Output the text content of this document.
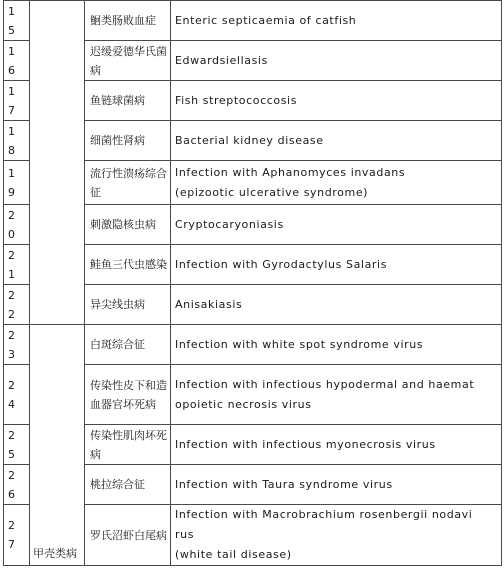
1
5		鮰类肠败血症	Enteric septicaemia of catfish

1
6		迟缓爱德华氏菌病	Edwardsiellasis

1
7		鱼链球菌病	Fish streptococcosis

1
8		细菌性肾病	Bacterial kidney disease

1
9		流行性溃疡综合征	Infection with Aphanomyces invadans
(epizootic ulcerative syndrome)

2
0		刺激隐核虫病	Cryptocaryoniasis

2
1		鲑鱼三代虫感染	Infection with Gyrodactylus Salaris

2
2		异尖线虫病	Anisakiasis

2
3	甲壳类病	白斑综合征	Infection with white spot syndrome virus

2
4		传染性皮下和造血器官坏死病	Infection with infectious hypodermal and haemat
opoietic necrosis virus

2
5		传染性肌肉坏死病	Infection with infectious myonecrosis virus

2
6		桃拉综合征	Infection with Taura syndrome virus

2
7		罗氏沼虾白尾病	Infection with Macrobrachium rosenbergii nodavi
rus
(white tail disease)
